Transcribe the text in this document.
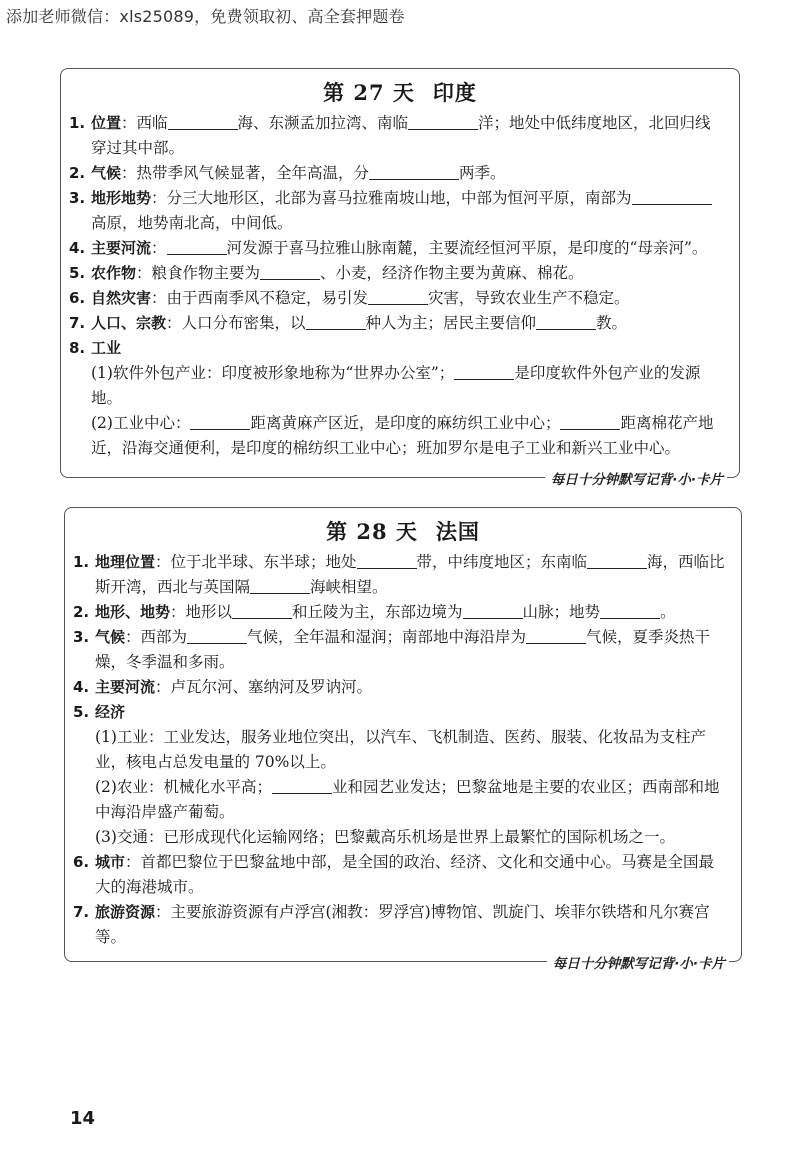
添加老师微信：xls25089，免费领取初、高全套押题卷
第 27 天 印度
1. 位置：西临	海、东濒孟加拉湾、南临	洋；地处中低纬度地区，北回归线穿过其中部。
2. 气候：热带季风气候显著，全年高温，分	两季。
3. 地形地势：分三大地形区，北部为喜马拉雅南坡山地，中部为恒河平原，南部为高原，地势南北高，中间低。
4. 主要河流：	河发源于喜马拉雅山脉南麓，主要流经恒河平原，是印度的“母亲河”。
5. 农作物：粮食作物主要为	、小麦，经济作物主要为黄麻、棉花。
6. 自然灾害：由于西南季风不稳定，易引发	灾害，导致农业生产不稳定。
7. 人口、宗教：人口分布密集，以	种人为主；居民主要信仰	教。
8. 工业
(1)软件外包产业：印度被形象地称为“世界办公室”；	是印度软件外包产业的发源地。
(2)工业中心：	距离黄麻产区近，是印度的麻纺织工业中心；	距离棉花产地近，沿海交通便利，是印度的棉纺织工业中心；班加罗尔是电子工业和新兴工业中心。
每日十分钟默写记背·小·卡片
第 28 天 法国
1. 地理位置：位于北半球、东半球；地处	带，中纬度地区；东南临	海，西临比斯开湾，西北与英国隔	海峡相望。
2. 地形、地势：地形以	和丘陵为主，东部边境为	山脉；地势	。
3. 气候：西部为	气候，全年温和湿润；南部地中海沿岸为	气候，夏季炎热干燥，冬季温和多雨。
4. 主要河流：卢瓦尔河、塞纳河及罗讷河。
5. 经济
(1)工业：工业发达，服务业地位突出，以汽车、飞机制造、医药、服装、化妆品为支柱产业，核电占总发电量的 70%以上。
(2)农业：机械化水平高；	业和园艺业发达；巴黎盆地是主要的农业区；西南部和地中海沿岸盛产葡萄。
(3)交通：已形成现代化运输网络；巴黎戴高乐机场是世界上最繁忙的国际机场之一。
6. 城市：首都巴黎位于巴黎盆地中部，是全国的政治、经济、文化和交通中心。马赛是全国最大的海港城市。
7. 旅游资源：主要旅游资源有卢浮宫(湘教：罗浮宫)博物馆、凯旋门、埃菲尔铁塔和凡尔赛宫等。
每日十分钟默写记背·小·卡片
14
